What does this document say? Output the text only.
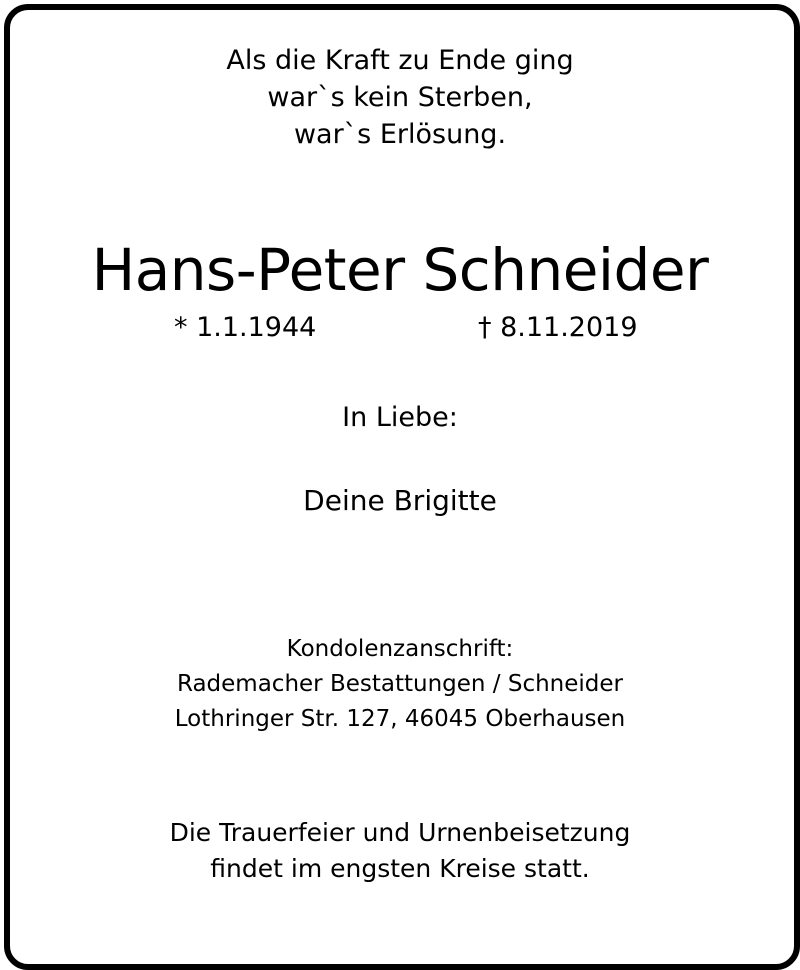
Als die Kraft zu Ende ging
war`s kein Sterben,
war`s Erlösung.
Hans-Peter Schneider
* 1.1.1944	† 8.11.2019
In Liebe:
Deine Brigitte
Kondolenzanschrift:
Rademacher Bestattungen / Schneider
Lothringer Str. 127, 46045 Oberhausen
Die Trauerfeier und Urnenbeisetzung
findet im engsten Kreise statt.
